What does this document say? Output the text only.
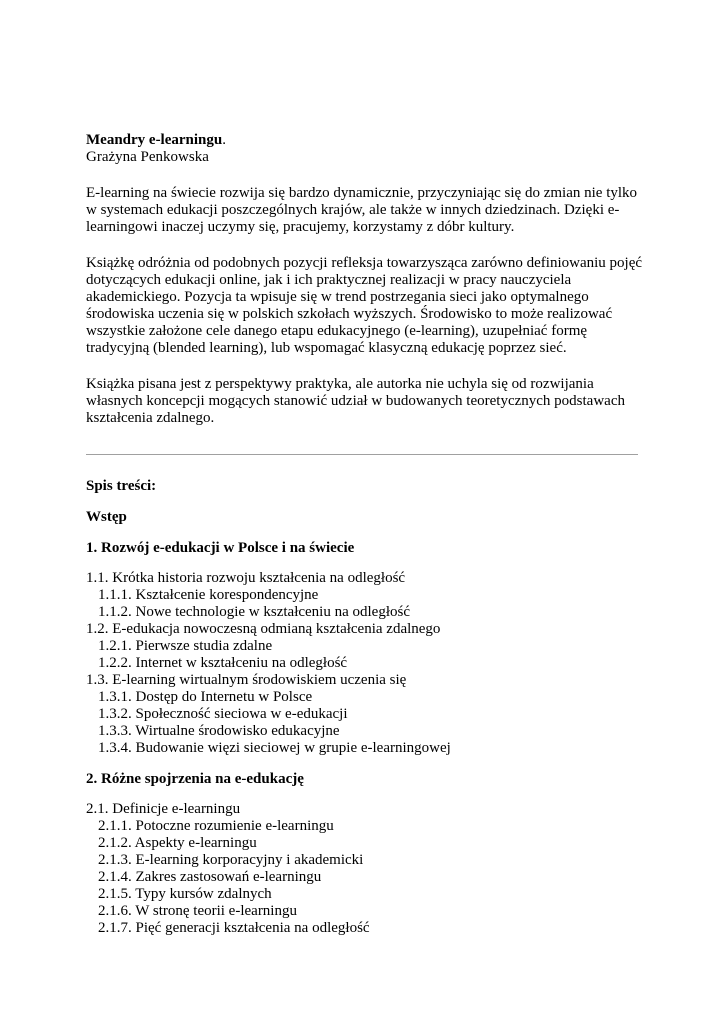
Meandry e-learningu.
Grażyna Penkowska

E-learning na świecie rozwija się bardzo dynamicznie, przyczyniając się do zmian nie tylko w systemach edukacji poszczególnych krajów, ale także w innych dziedzinach. Dzięki e-learningowi inaczej uczymy się, pracujemy, korzystamy z dóbr kultury.

Książkę odróżnia od podobnych pozycji refleksja towarzysząca zarówno definiowaniu pojęć dotyczących edukacji online, jak i ich praktycznej realizacji w pracy nauczyciela akademickiego. Pozycja ta wpisuje się w trend postrzegania sieci jako optymalnego środowiska uczenia się w polskich szkołach wyższych. Środowisko to może realizować wszystkie założone cele danego etapu edukacyjnego (e-learning), uzupełniać formę tradycyjną (blended learning), lub wspomagać klasyczną edukację poprzez sieć.

Książka pisana jest z perspektywy praktyka, ale autorka nie uchyla się od rozwijania własnych koncepcji mogących stanowić udział w budowanych teoretycznych podstawach kształcenia zdalnego.

Spis treści:
Wstęp
1. Rozwój e-edukacji w Polsce i na świecie
1.1. Krótka historia rozwoju kształcenia na odległość
1.1.1. Kształcenie korespondencyjne
1.1.2. Nowe technologie w kształceniu na odległość
1.2. E-edukacja nowoczesną odmianą kształcenia zdalnego
1.2.1. Pierwsze studia zdalne
1.2.2. Internet w kształceniu na odległość
1.3. E-learning wirtualnym środowiskiem uczenia się
1.3.1. Dostęp do Internetu w Polsce
1.3.2. Społeczność sieciowa w e-edukacji
1.3.3. Wirtualne środowisko edukacyjne
1.3.4. Budowanie więzi sieciowej w grupie e-learningowej
2. Różne spojrzenia na e-edukację
2.1. Definicje e-learningu
2.1.1. Potoczne rozumienie e-learningu
2.1.2. Aspekty e-learningu
2.1.3. E-learning korporacyjny i akademicki
2.1.4. Zakres zastosowań e-learningu
2.1.5. Typy kursów zdalnych
2.1.6. W stronę teorii e-learningu
2.1.7. Pięć generacji kształcenia na odległość
